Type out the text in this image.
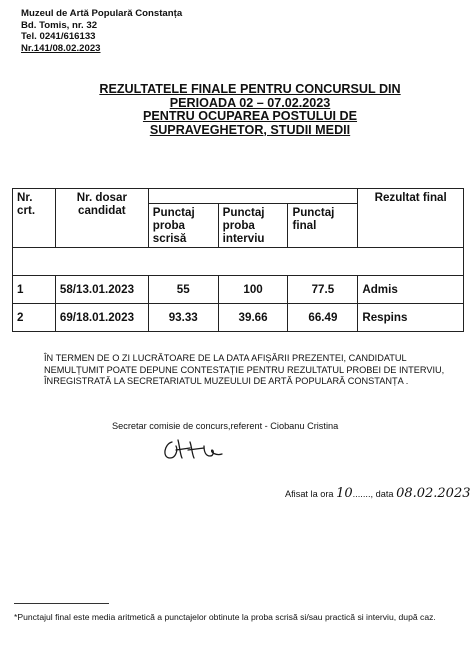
Muzeul de Artă Populară Constanța
Bd. Tomis, nr. 32
Tel. 0241/616133
Nr.141/08.02.2023
REZULTATELE FINALE PENTRU CONCURSUL DIN
PERIOADA 02 – 07.02.2023
PENTRU OCUPAREA POSTULUI DE
SUPRAVEGHETOR, STUDII MEDII
Nr. crt.	Nr. dosar candidat				Rezultat final
		Punctaj proba scrisă	Punctaj proba interviu	Punctaj final	

1	58/13.01.2023	55	100	77.5	Admis
2	69/18.01.2023	93.33	39.66	66.49	Respins
ÎN TERMEN DE O ZI LUCRĂTOARE DE LA DATA AFIȘĂRII PREZENTEI, CANDIDATUL
NEMULȚUMIT POATE DEPUNE CONTESTAȚIE PENTRU REZULTATUL PROBEI DE INTERVIU,
ÎNREGISTRATĂ LA SECRETARIATUL MUZEULUI DE ARTĂ POPULARĂ CONSTANȚA .
Secretar comisie de concurs,referent - Ciobanu Cristina
Afisat la ora 10......., data 08.02.2023
*Punctajul final este media aritmetică a punctajelor obtinute la proba scrisă si/sau practică si interviu, după caz.
